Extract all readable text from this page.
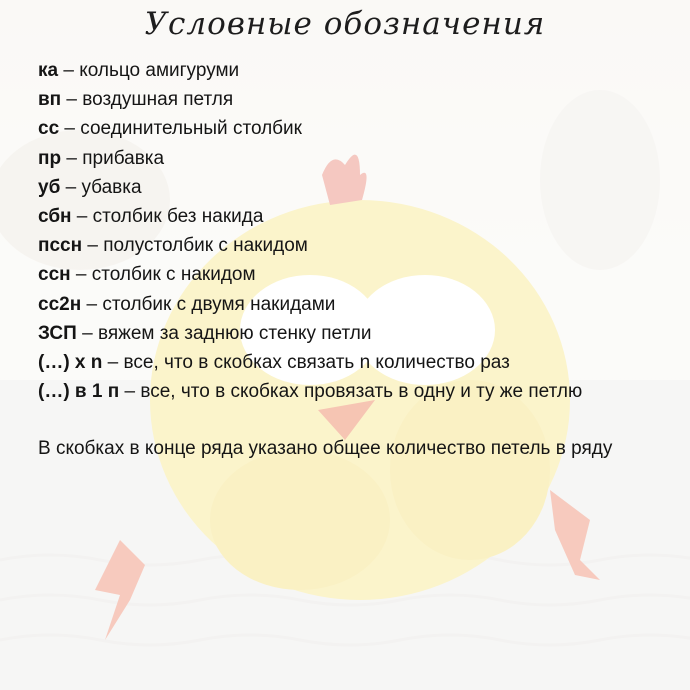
Условные обозначения
ка – кольцо амигуруми
вп – воздушная петля
сс – соединительный столбик
пр – прибавка
уб – убавка
сбн – столбик без накида
пссн – полустолбик с накидом
ссн – столбик с накидом
сс2н – столбик с двумя накидами
ЗСП – вяжем за заднюю стенку петли
(…) х n – все, что в скобках связать n количество раз
(…) в 1 п – все, что в скобках провязать в одну и ту же петлю

В скобках в конце ряда указано общее количество петель в ряду
